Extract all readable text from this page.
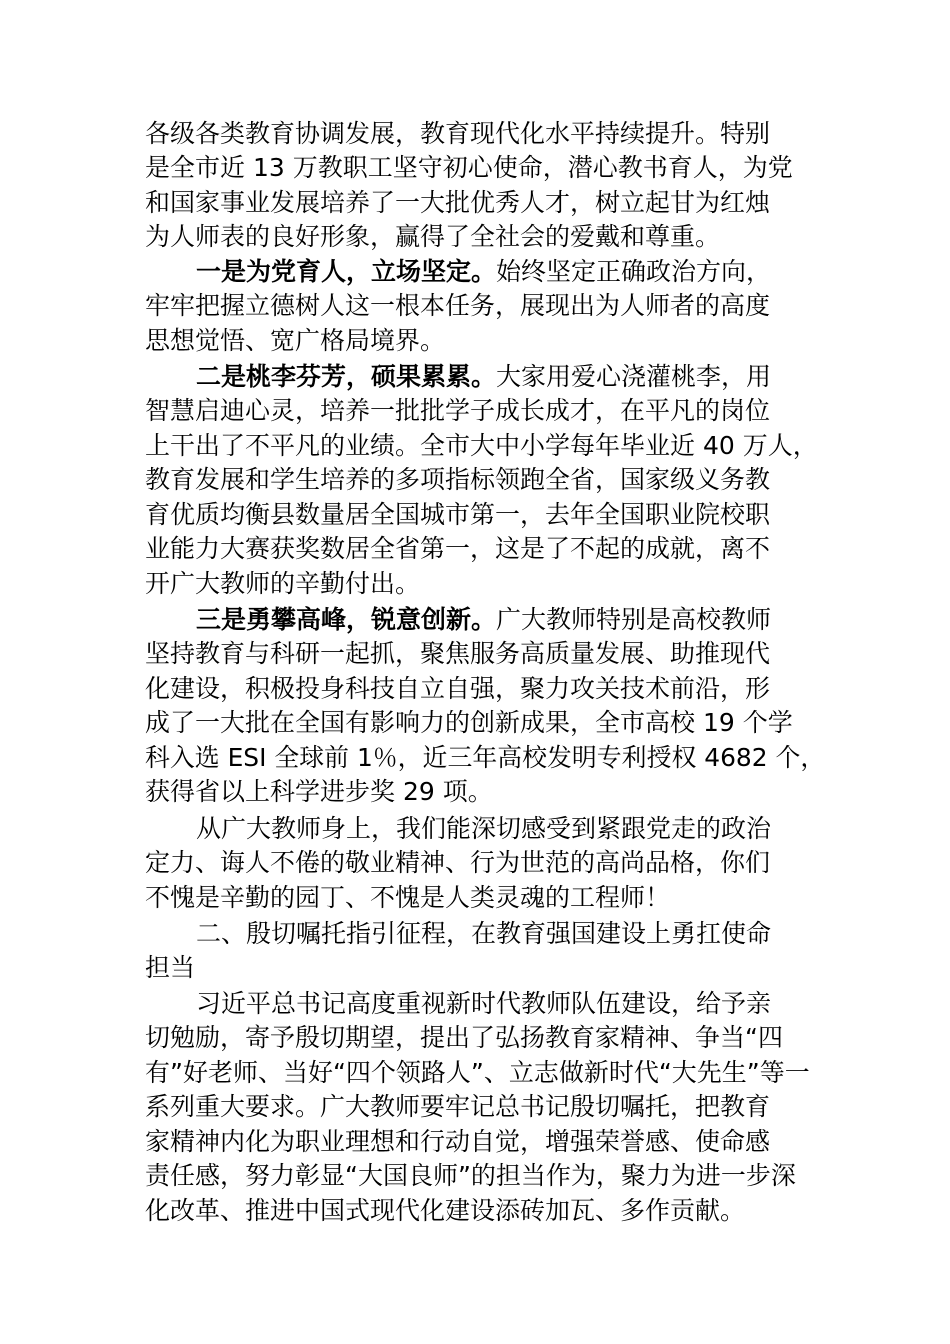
各级各类教育协调发展，教育现代化水平持续提升。特别

是全市近 13 万教职工坚守初心使命，潜心教书育人，为党

和国家事业发展培养了一大批优秀人才，树立起甘为红烛

为人师表的良好形象，赢得了全社会的爱戴和尊重。

一是为党育人，立场坚定。始终坚定正确政治方向，

牢牢把握立德树人这一根本任务，展现出为人师者的高度

思想觉悟、宽广格局境界。

二是桃李芬芳，硕果累累。大家用爱心浇灌桃李，用

智慧启迪心灵，培养一批批学子成长成才，在平凡的岗位

上干出了不平凡的业绩。全市大中小学每年毕业近 40 万人，

教育发展和学生培养的多项指标领跑全省，国家级义务教

育优质均衡县数量居全国城市第一，去年全国职业院校职

业能力大赛获奖数居全省第一，这是了不起的成就，离不

开广大教师的辛勤付出。

三是勇攀高峰，锐意创新。广大教师特别是高校教师

坚持教育与科研一起抓，聚焦服务高质量发展、助推现代

化建设，积极投身科技自立自强，聚力攻关技术前沿，形

成了一大批在全国有影响力的创新成果，全市高校 19 个学

科入选 ESI 全球前 1％，近三年高校发明专利授权 4682 个，

获得省以上科学进步奖 29 项。

从广大教师身上，我们能深切感受到紧跟党走的政治

定力、诲人不倦的敬业精神、行为世范的高尚品格，你们

不愧是辛勤的园丁、不愧是人类灵魂的工程师！

二、殷切嘱托指引征程，在教育强国建设上勇扛使命

担当

习近平总书记高度重视新时代教师队伍建设，给予亲

切勉励，寄予殷切期望，提出了弘扬教育家精神、争当“四

有”好老师、当好“四个领路人”、立志做新时代“大先生”等一

系列重大要求。广大教师要牢记总书记殷切嘱托，把教育

家精神内化为职业理想和行动自觉，增强荣誉感、使命感

责任感，努力彰显“大国良师”的担当作为，聚力为进一步深

化改革、推进中国式现代化建设添砖加瓦、多作贡献。
